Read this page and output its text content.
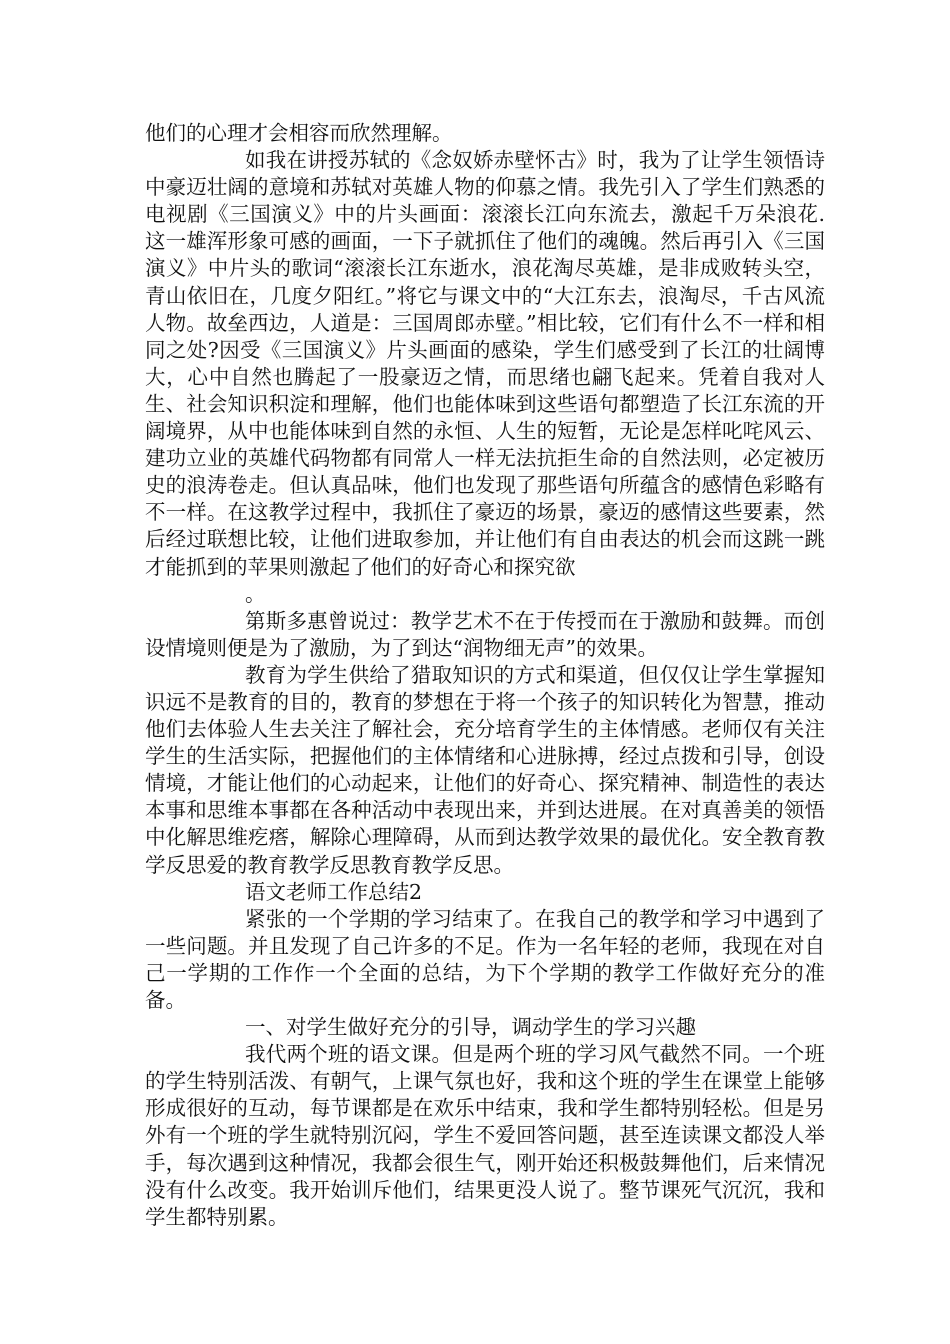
他们的心理才会相容而欣然理解。

如我在讲授苏轼的《念奴娇赤壁怀古》时，我为了让学生领悟诗中豪迈壮阔的意境和苏轼对英雄人物的仰慕之情。我先引入了学生们熟悉的电视剧《三国演义》中的片头画面：滚滚长江向东流去，激起千万朵浪花.这一雄浑形象可感的画面，一下子就抓住了他们的魂魄。然后再引入《三国演义》中片头的歌词“滚滚长江东逝水，浪花淘尽英雄，是非成败转头空，青山依旧在，几度夕阳红。”将它与课文中的“大江东去，浪淘尽，千古风流人物。故垒西边，人道是：三国周郎赤壁。”相比较，它们有什么不一样和相同之处?因受《三国演义》片头画面的感染，学生们感受到了长江的壮阔博大，心中自然也腾起了一股豪迈之情，而思绪也翩飞起来。凭着自我对人生、社会知识积淀和理解，他们也能体味到这些语句都塑造了长江东流的开阔境界，从中也能体味到自然的永恒、人生的短暂，无论是怎样叱咤风云、建功立业的英雄代码物都有同常人一样无法抗拒生命的自然法则，必定被历史的浪涛卷走。但认真品味，他们也发现了那些语句所蕴含的感情色彩略有不一样。在这教学过程中，我抓住了豪迈的场景，豪迈的感情这些要素，然后经过联想比较，让他们进取参加，并让他们有自由表达的机会而这跳一跳才能抓到的苹果则激起了他们的好奇心和探究欲

。

第斯多惠曾说过：教学艺术不在于传授而在于激励和鼓舞。而创设情境则便是为了激励，为了到达“润物细无声”的效果。

教育为学生供给了猎取知识的方式和渠道，但仅仅让学生掌握知识远不是教育的目的，教育的梦想在于将一个孩子的知识转化为智慧，推动他们去体验人生去关注了解社会，充分培育学生的主体情感。老师仅有关注学生的生活实际，把握他们的主体情绪和心进脉搏，经过点拨和引导，创设情境，才能让他们的心动起来，让他们的好奇心、探究精神、制造性的表达本事和思维本事都在各种活动中表现出来，并到达进展。在对真善美的领悟中化解思维疙瘩，解除心理障碍，从而到达教学效果的最优化。安全教育教学反思爱的教育教学反思教育教学反思。

语文老师工作总结2

紧张的一个学期的学习结束了。在我自己的教学和学习中遇到了一些问题。并且发现了自己许多的不足。作为一名年轻的老师，我现在对自己一学期的工作作一个全面的总结，为下个学期的教学工作做好充分的准备。

一、对学生做好充分的引导，调动学生的学习兴趣

我代两个班的语文课。但是两个班的学习风气截然不同。一个班的学生特别活泼、有朝气，上课气氛也好，我和这个班的学生在课堂上能够形成很好的互动，每节课都是在欢乐中结束，我和学生都特别轻松。但是另外有一个班的学生就特别沉闷，学生不爱回答问题，甚至连读课文都没人举手，每次遇到这种情况，我都会很生气，刚开始还积极鼓舞他们，后来情况没有什么改变。我开始训斥他们，结果更没人说了。整节课死气沉沉，我和学生都特别累。
